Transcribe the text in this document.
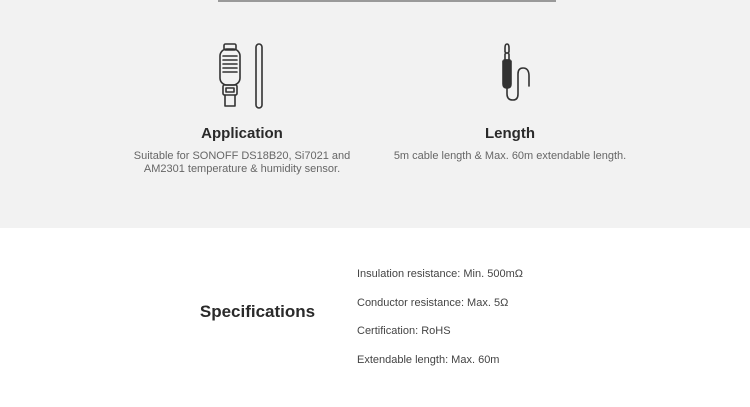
Application
Suitable for SONOFF DS18B20, Si7021 and AM2301 temperature & humidity sensor.
Length
5m cable length & Max. 60m extendable length.
Specifications
Insulation resistance: Min. 500mΩ
Conductor resistance: Max. 5Ω
Certification: RoHS
Extendable length: Max. 60m
